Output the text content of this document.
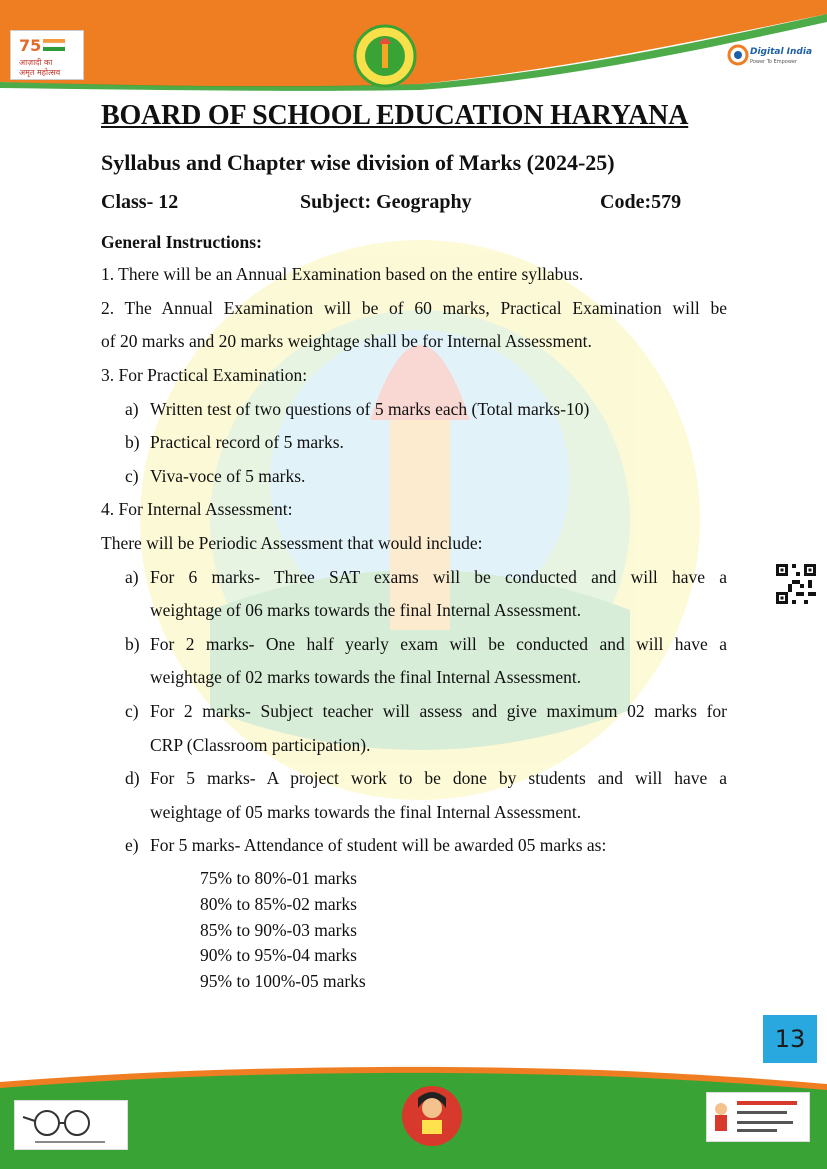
75
आज़ादी का
अमृत महोत्सव
Digital India
Power To Empower
BOARD OF SCHOOL EDUCATION HARYANA
Syllabus and Chapter wise division of Marks (2024-25)
Class- 12	Subject: Geography	Code:579
General Instructions:
1. There will be an Annual Examination based on the entire syllabus.
2. The Annual Examination will be of 60 marks, Practical Examination will be
of 20 marks and 20 marks weightage shall be for Internal Assessment.
3. For Practical Examination:
a) Written test of two questions of 5 marks each (Total marks-10)
b) Practical record of 5 marks.
c) Viva-voce of 5 marks.
4. For Internal Assessment:
There will be Periodic Assessment that would include:
a) For 6 marks- Three SAT exams will be conducted and will have a
weightage of 06 marks towards the final Internal Assessment.
b) For 2 marks- One half yearly exam will be conducted and will have a
weightage of 02 marks towards the final Internal Assessment.
c) For 2 marks- Subject teacher will assess and give maximum 02 marks for
CRP (Classroom participation).
d) For 5 marks- A project work to be done by students and will have a
weightage of 05 marks towards the final Internal Assessment.
e) For 5 marks- Attendance of student will be awarded 05 marks as:
75% to 80%-01 marks
80% to 85%-02 marks
85% to 90%-03 marks
90% to 95%-04 marks
95% to 100%-05 marks
13
